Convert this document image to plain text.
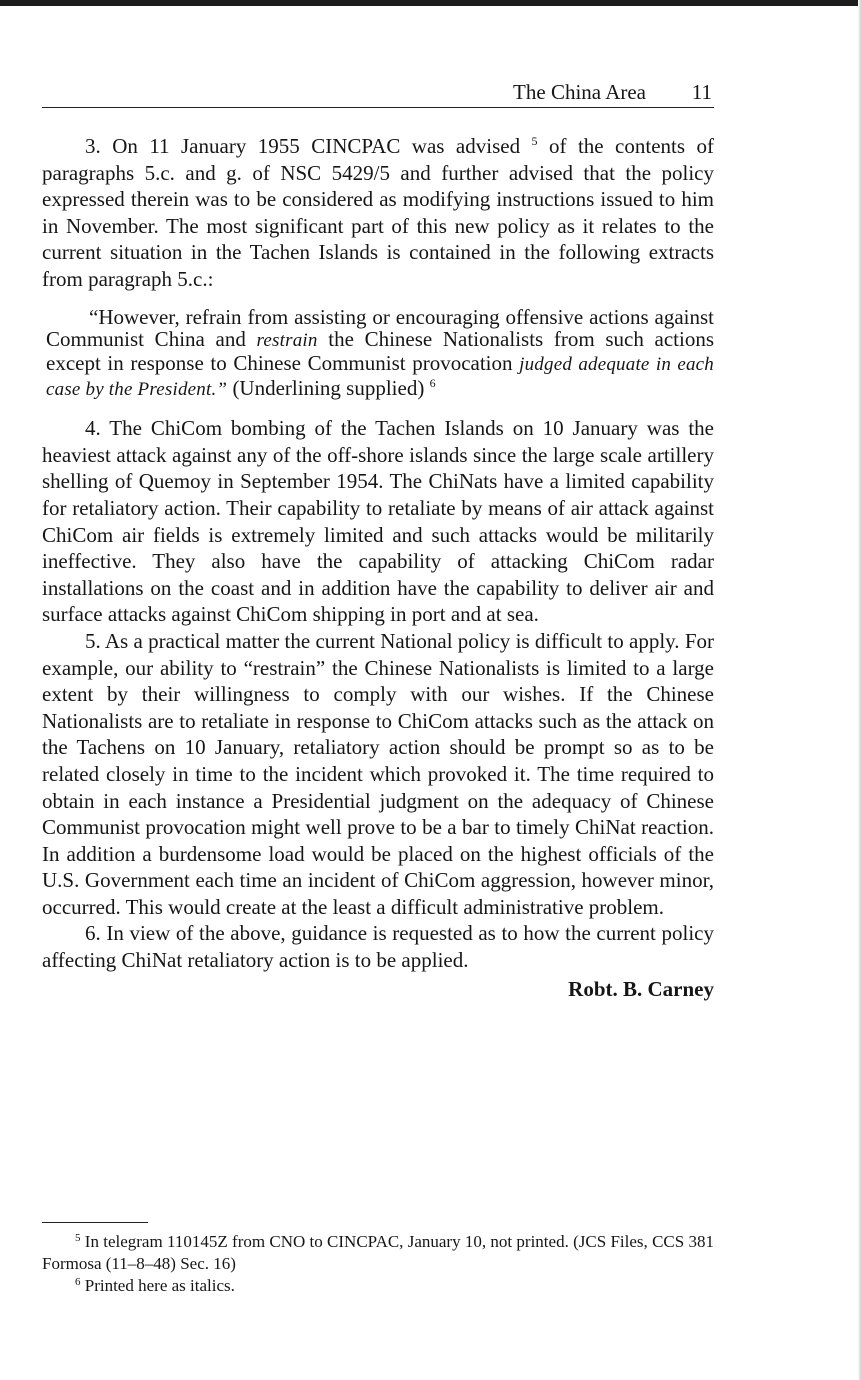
The China Area 11

3. On 11 January 1955 CINCPAC was advised $^5$ of the contents of paragraphs 5.c. and g. of NSC 5429/5 and further advised that the policy expressed therein was to be considered as modifying instructions issued to him in November. The most significant part of this new policy as it relates to the current situation in the Tachen Islands is contained in the following extracts from paragraph 5.c.:

“However, refrain from assisting or encouraging offensive actions against Communist China and restrain the Chinese Nationalists from such actions except in response to Chinese Communist provocation judged adequate in each case by the President.” (Underlining supplied) $^6$

4. The ChiCom bombing of the Tachen Islands on 10 January was the heaviest attack against any of the off-shore islands since the large scale artillery shelling of Quemoy in September 1954. The ChiNats have a limited capability for retaliatory action. Their capability to retaliate by means of air attack against ChiCom air fields is extremely limited and such attacks would be militarily ineffective. They also have the capability of attacking ChiCom radar installations on the coast and in addition have the capability to deliver air and surface attacks against ChiCom shipping in port and at sea.

5. As a practical matter the current National policy is difficult to apply. For example, our ability to “restrain” the Chinese Nationalists is limited to a large extent by their willingness to comply with our wishes. If the Chinese Nationalists are to retaliate in response to ChiCom attacks such as the attack on the Tachens on 10 January, retaliatory action should be prompt so as to be related closely in time to the incident which provoked it. The time required to obtain in each instance a Presidential judgment on the adequacy of Chinese Communist provocation might well prove to be a bar to timely ChiNat reaction. In addition a burdensome load would be placed on the highest officials of the U.S. Government each time an incident of ChiCom aggression, however minor, occurred. This would create at the least a difficult administrative problem.

6. In view of the above, guidance is requested as to how the current policy affecting ChiNat retaliatory action is to be applied.

Robt. B. Carney

$^5$ In telegram 110145Z from CNO to CINCPAC, January 10, not printed. (JCS Files, CCS 381 Formosa (11–8–48) Sec. 16)

$^6$ Printed here as italics.
